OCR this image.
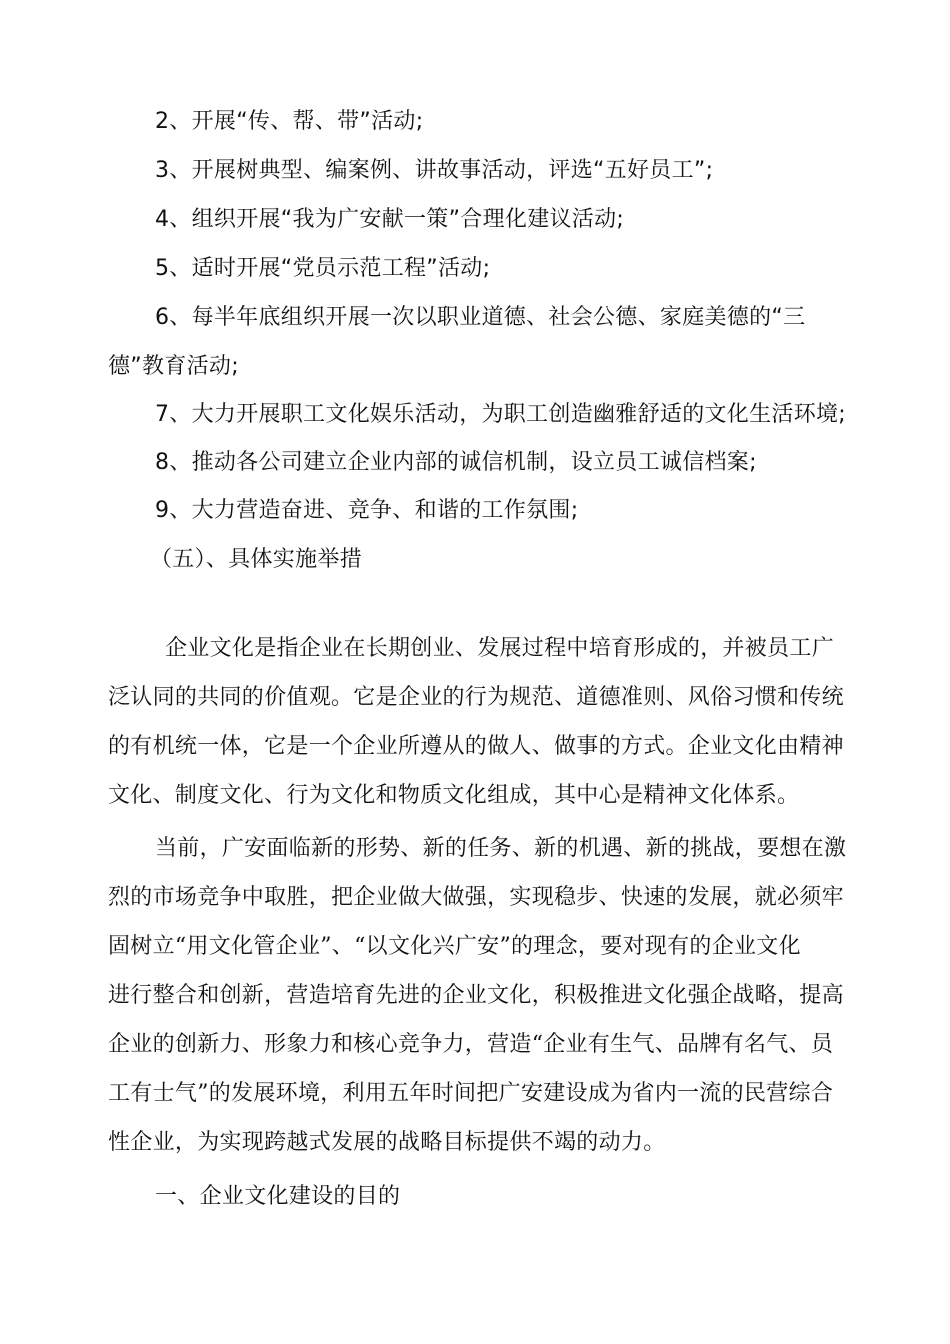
2、开展“传、帮、带”活动;
3、开展树典型、编案例、讲故事活动，评选“五好员工”;
4、组织开展“我为广安献一策”合理化建议活动;
5、适时开展“党员示范工程”活动;
6、每半年底组织开展一次以职业道德、社会公德、家庭美德的“三
德”教育活动;
7、大力开展职工文化娱乐活动，为职工创造幽雅舒适的文化生活环境;
8、推动各公司建立企业内部的诚信机制，设立员工诚信档案;
9、大力营造奋进、竞争、和谐的工作氛围;
（五）、具体实施举措
企业文化是指企业在长期创业、发展过程中培育形成的，并被员工广
泛认同的共同的价值观。它是企业的行为规范、道德准则、风俗习惯和传统
的有机统一体，它是一个企业所遵从的做人、做事的方式。企业文化由精神
文化、制度文化、行为文化和物质文化组成，其中心是精神文化体系。
当前，广安面临新的形势、新的任务、新的机遇、新的挑战，要想在激
烈的市场竞争中取胜，把企业做大做强，实现稳步、快速的发展，就必须牢
固树立“用文化管企业”、“以文化兴广安”的理念，要对现有的企业文化
进行整合和创新，营造培育先进的企业文化，积极推进文化强企战略，提高
企业的创新力、形象力和核心竞争力，营造“企业有生气、品牌有名气、员
工有士气”的发展环境，利用五年时间把广安建设成为省内一流的民营综合
性企业，为实现跨越式发展的战略目标提供不竭的动力。
一、企业文化建设的目的
